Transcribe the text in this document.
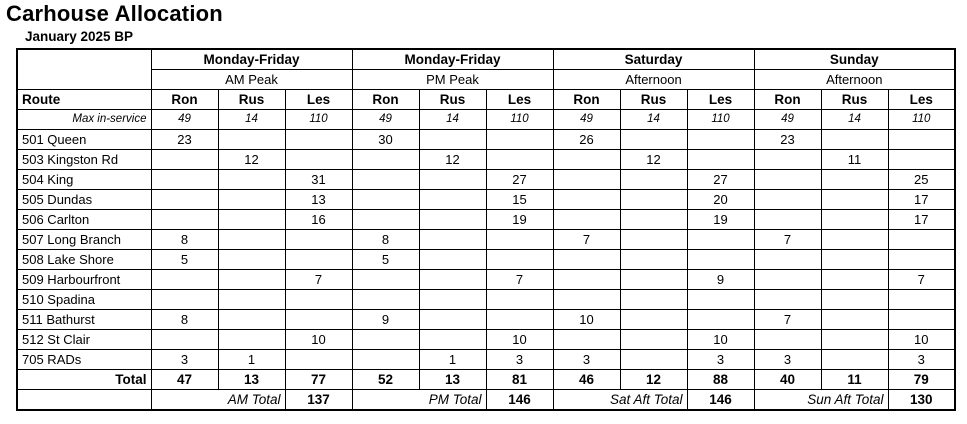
Carhouse Allocation
January 2025 BP
	Monday-Friday			Monday-Friday			Saturday			Sunday		
	AM Peak			PM Peak			Afternoon			Afternoon		
Route	Ron	Rus	Les	Ron	Rus	Les	Ron	Rus	Les	Ron	Rus	Les
Max in-service	49	14	110	49	14	110	49	14	110	49	14	110
501 Queen	23			30			26			23		
503 Kingston Rd		12			12			12			11	
504 King			31			27			27			25
505 Dundas			13			15			20			17
506 Carlton			16			19			19			17
507 Long Branch	8			8			7			7		
508 Lake Shore	5			5								
509 Harbourfront			7			7			9			7
510 Spadina												
511 Bathurst	8			9			10			7		
512 St Clair			10			10			10			10
705 RADs	3	1			1	3	3		3	3		3
Total	47	13	77	52	13	81	46	12	88	40	11	79
	AM Total		137	PM Total		146	Sat Aft Total		146	Sun Aft Total		130
